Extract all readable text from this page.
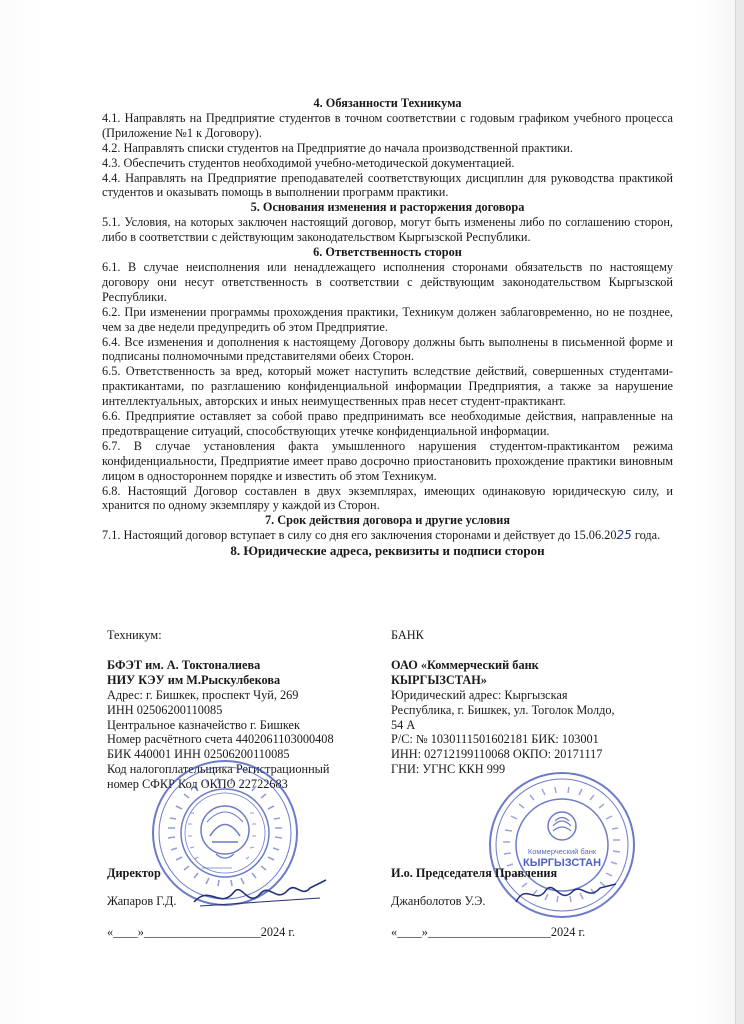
4. Обязанности Техникума

4.1. Направлять на Предприятие студентов в точном соответствии с годовым графиком учебного процесса (Приложение №1 к Договору).

4.2. Направлять списки студентов на Предприятие до начала производственной практики.

4.3. Обеспечить студентов необходимой учебно-методической документацией.

4.4. Направлять на Предприятие преподавателей соответствующих дисциплин для руководства практикой студентов и оказывать помощь в выполнении программ практики.

5. Основания изменения и расторжения договора

5.1. Условия, на которых заключен настоящий договор, могут быть изменены либо по соглашению сторон, либо в соответствии с действующим законодательством Кыргызской Республики.

6. Ответственность сторон

6.1. В случае неисполнения или ненадлежащего исполнения сторонами обязательств по настоящему договору они несут ответственность в соответствии с действующим законодательством Кыргызской Республики.

6.2. При изменении программы прохождения практики, Техникум должен заблаговременно, но не позднее, чем за две недели предупредить об этом Предприятие.

6.4. Все изменения и дополнения к настоящему Договору должны быть выполнены в письменной форме и подписаны полномочными представителями обеих Сторон.

6.5. Ответственность за вред, который может наступить вследствие действий, совершенных студентами-практикантами, по разглашению конфиденциальной информации Предприятия, а также за нарушение интеллектуальных, авторских и иных неимущественных прав несет студент-практикант.

6.6. Предприятие оставляет за собой право предпринимать все необходимые действия, направленные на предотвращение ситуаций, способствующих утечке конфиденциальной информации.

6.7. В случае установления факта умышленного нарушения студентом-практикантом режима конфиденциальности, Предприятие имеет право досрочно приостановить прохождение практики виновным лицом в одностороннем порядке и известить об этом Техникум.

6.8. Настоящий Договор составлен в двух экземплярах, имеющих одинаковую юридическую силу, и хранится по одному экземпляру у каждой из Сторон.

7. Срок действия договора и другие условия

7.1. Настоящий договор вступает в силу со дня его заключения сторонами и действует до 15.06.2025 года.

8. Юридические адреса, реквизиты и подписи сторон
Техникум:
БФЭТ им. А. Токтоналиева
НИУ КЭУ им М.Рыскулбекова
Адрес: г. Бишкек, проспект Чуй, 269
ИНН 02506200110085
Центральное казначейство г. Бишкек
Номер расчётного счета 4402061103000408
БИК 440001 ИНН 02506200110085
Код налогоплательщика Регистрационный
номер СФКР Код ОКПО 22722683
БАНК
ОАО «Коммерческий банк
КЫРГЫЗСТАН»
Юридический адрес: Кыргызская
Республика, г. Бишкек, ул. Тоголок Молдо,
54 А
Р/С: № 1030111501602181 БИК: 103001
ИНН: 02712199110068 ОКПО: 20171117
ГНИ: УГНС ККН 999
Коммерческий банк
КЫРГЫЗСТАН
Директор	И.о. Председателя Правления
Жапаров Г.Д.	Джанболотов У.Э.
«____»___________________2024 г.	«____»____________________2024 г.
